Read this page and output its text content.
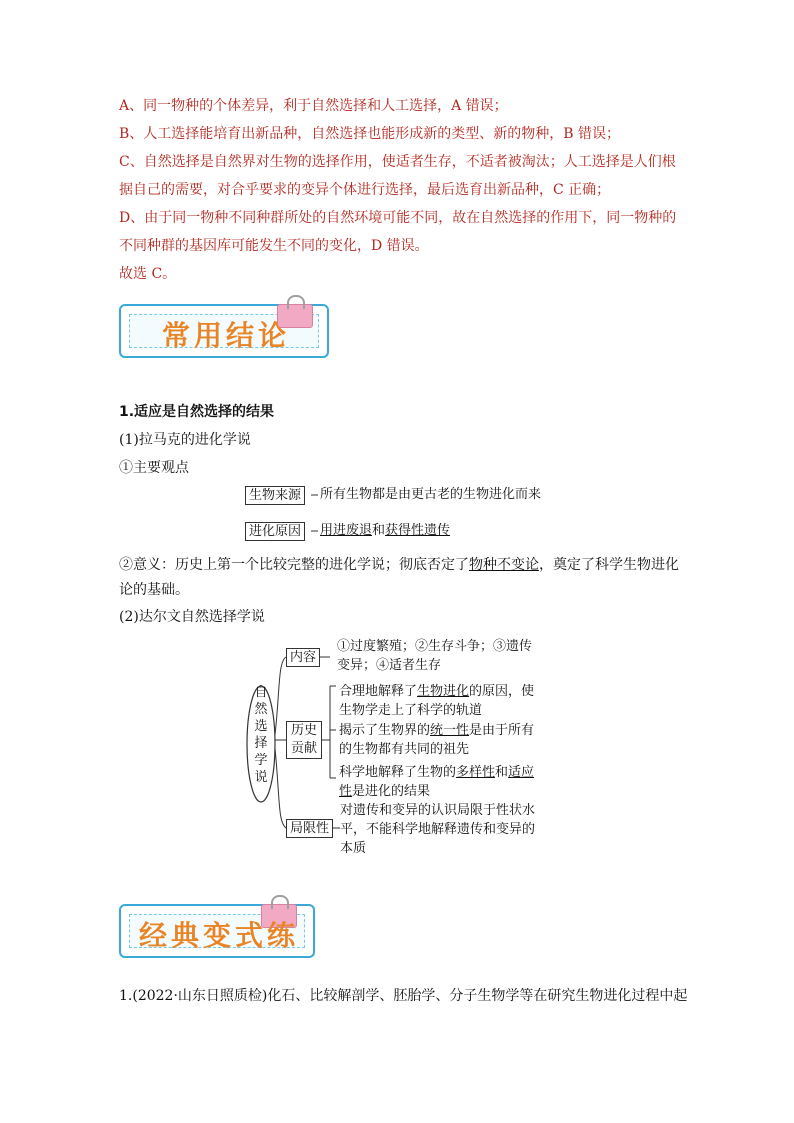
A、同一物种的个体差异，利于自然选择和人工选择，A 错误；
B、人工选择能培育出新品种，自然选择也能形成新的类型、新的物种，B 错误；
C、自然选择是自然界对生物的选择作用，使适者生存，不适者被淘汰；人工选择是人们根
据自己的需要，对合乎要求的变异个体进行选择，最后选育出新品种，C 正确；
D、由于同一物种不同种群所处的自然环境可能不同，故在自然选择的作用下，同一物种的
不同种群的基因库可能发生不同的变化，D 错误。
故选 C。
常用结论
1.适应是自然选择的结果
(1)拉马克的进化学说
①主要观点
生物来源	所有生物都是由更古老的生物进化而来
进化原因	用进废退和获得性遗传
②意义：历史上第一个比较完整的进化学说；彻底否定了物种不变论，奠定了科学生物进化
论的基础。
(2)达尔文自然选择学说
自
然
选
择
学
说
内容
①过度繁殖；②生存斗争；③遗传
变异；④适者生存
历史
贡献
合理地解释了生物进化的原因，使
生物学走上了科学的轨道
揭示了生物界的统一性是由于所有
的生物都有共同的祖先
科学地解释了生物的多样性和适应
性是进化的结果
局限性
对遗传和变异的认识局限于性状水
平，不能科学地解释遗传和变异的
本质
经典变式练
1.(2022·山东日照质检)化石、比较解剖学、胚胎学、分子生物学等在研究生物进化过程中起
